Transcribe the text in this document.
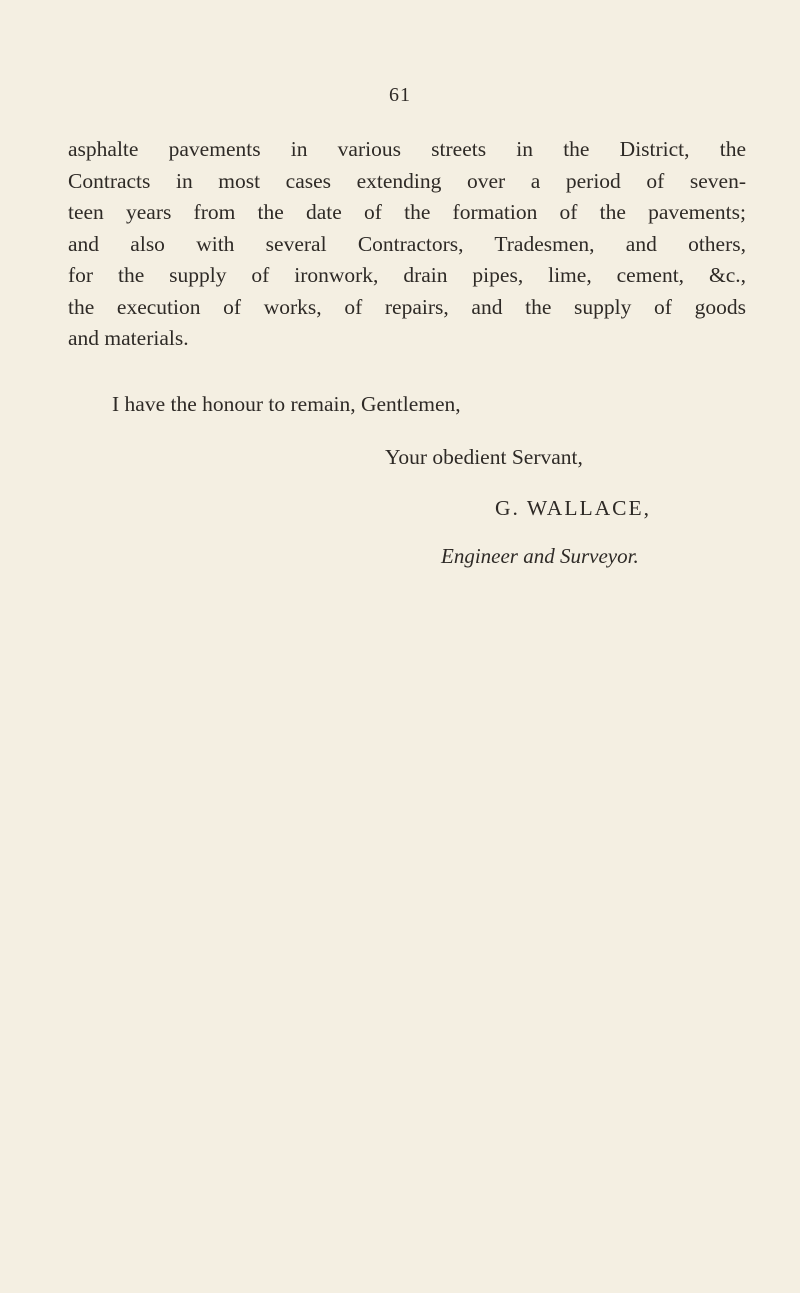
61
asphalte pavements in various streets in the District, the
Contracts in most cases extending over a period of seven-
teen years from the date of the formation of the pavements;
and also with several Contractors, Tradesmen, and others,
for the supply of ironwork, drain pipes, lime, cement, &c.,
the execution of works, of repairs, and the supply of goods
and materials.

I have the honour to remain, Gentlemen,

Your obedient Servant,

G. WALLACE,

Engineer and Surveyor.
